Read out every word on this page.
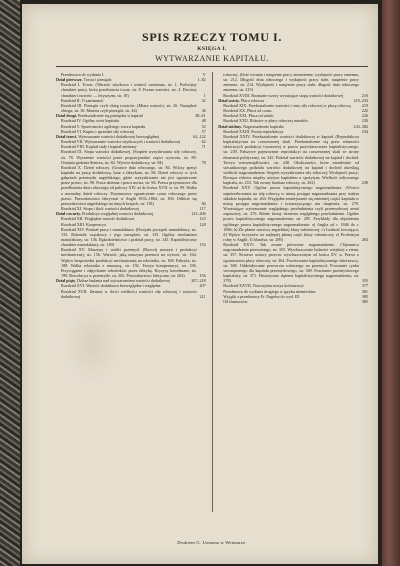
SPIS RZECZY TOMU I.
KSIĘGA I.
WYTWARZANIE KAPITAŁU.

Przedmowa do wydania I.	V

Dział pierwszy. Towar i pieniądz	1–82

Rozdział I. Towar. (Wartość użytkowa i wartość zamienna, str. 1. Podwójny charakter pracy, która przedstawia towar, str. 8. Forma wartości, str. 4. Dwoisty charakter towarów — fetyszyzm, str. 18)	1

Rozdział II. O zamianach	32

Rozdział III. Pieniądz czyli obieg towarów. (Miara wartości, str. 26. Narzędzie obiegu, str. 30. Moneta czyli pieniądz, str. 44)	36

Dział drugi. Przekształcenie się pieniądza w kapitał	48–61

Rozdział IV. Ogólny wzór kapitału	48

Rozdział V. Sprzeczności ogólnego wzoru kapitału	52

Rozdział VI. Kupno i sprzedaż siły roboczej	57

Dział trzeci. Wytwarzanie wartości dodatkowej bezwzględnej	62–122

Rozdział VII. Wytwarzanie wartości użytkowych i wartości dodatkowej	62

Rozdział VIII. Kapitał stały i kapitał zmienny	71

Rozdział IX. Stopa wartości dodatkowej. (Stopień wyzyskiwania siły roboczej, str. 78. Wyrażenie wartości przez proporcjonalne części wytworu, str. 80. Ostatnia godzina Seniora, str. 82. Wytwór dodatkowy, str. 84)	78

Rozdział X. Dzień roboczy. (Granice dnia roboczego, str. 84. Wilczy apetyt kapitału na pracę dodatkową; lutar a fabrykant, str. 86. Dzień roboczy w tych gałęziach przemysłu angielskiego, gdzie wyzyskiwanie nie jest ograniczone przez prawo, str. 90. Praca dzienna i praca nocna, str. 96. Prawa przymusowe dla przedłużenia dnia roboczego od połowy XIV. aż do końca XVII. w. str. 99. Walka o normalny dzień roboczy. Przymusowe ograniczenie czasu roboczego przez prawo. Prawodawstwo fabryczne w Anglii 1833–1864, str. 106. Odbicie się prawodawstwa angielskiego na innych krajach, str. 118)	84

Rozdział XI. Stopa i ilość wartości dodatkowej	117

Dział czwarty. Produkcya względnej wartości dodatkowej	123–206

Rozdział XII. Względna wartość dodatkowa	123

Rozdział XIII. Kooperacya	128

Rozdział XIV. Podział pracy i manufaktura. (Dwojaki początek manufaktury, str. 133. Robotnik cząstkowy i jego narzędzie, str. 135. Ogólny mechanizm manufaktury, str. 136. Rękodzielnictwo i podział pracy, str. 145. Kapitalistyczny charakter manufaktury, str. 149)	133

Rozdział XV. Maszyny i wielki przemysł. (Rozwój maszyn i produkcyi mechanicznej, str. 156. Wartość, jaką maszyna przenosi na wytwór, str. 164. Wpływ bezpośredni produkcyi mechanicznej na robotnika, str. 168. Fabryka, str. 188. Walka robotnika z maszyną, str. 192. Teorya kompensacyi, str. 196. Przyciąganie i odpychanie robotników przez fabrykę. Kryzysy bawełniane, str. 199. Rewolucya w przemyśle, str. 202. Prawodawstwo fabryczne, str. 204)	156

Dział piąty. Dalsze badania nad wytwarzaniem wartości dodatkowej	207–218

Rozdział XVI. Wartość dodatkowa bezwzględna i względna	207

Rozdział XVII. Zmiany w ilości wielkości wartości siły roboczej i wartości dodatkowej	211

roboczej. (Ilość trwania i natężenie pracy niezmienne; wydajność pracy zmienna, str. 212. Długość dnia roboczego i wydajność pracy stałe, natężenie pracy zmienne, str. 214. Wydajność i natężenie pracy stałe; długość dnia roboczego zmienna, str. 215)

Rozdział XVIII. Rozmaite wzory wyrażające stopę wartości dodatkowej	216

Dział szósty. Płaca robocza	219–233

Rozdział XIX. Przekształcenie wartości i ceny siły roboczej w płacę roboczą	219

Rozdział XX. Płaca od czasu	222

Rozdział XXI. Płaca od sztuki	226

Rozdział XXII. Różnice w płacy roboczej narodów	230

Dział siódmy. Nagromadzenie kapitału	233–382

Rozdział XXIII. Prosta reprodukcya	234

Rozdział XXIV. Przekształcenie wartości dodatkowej w kapitał. (Reprodukcya kapitalistyczna na rozszerzonej skali. Przekształcenie się praw własności właściwych produkcyi towarowej w prawa przywłaszczenia kapitalistycznego, str. 239. Fałszywe pojmowanie reprodukcyi na rozszerzonej skali ze strony ekonomii politycznej, str. 245. Podział wartości dodatkowej na kapitał i dochód. Teorya wstrzemięźliwości, str. 248. Okoliczności, które niezależnie od stosunkowego podziału wartości dodatkowej na kapitał i dochód określają wielkość nagromadzenia: Stopień wyzyskiwania siły roboczej; Wydajność pracy; Rosnąca różnica między użytym kapitałem a spożytym; Wielkość zaliczonego kapitału, str. 253. Tak zwany fundusz roboczy, str. 262)	238

Rozdział XXV. Ogólne prawa kapitalistycznego nagromadzenia. (Wzrost zapotrzebowania na siłę roboczą w miarę postępu nagromadzania przy stałym składzie kapitału, str. 264. Względne zmniejszanie się zmiennej części kapitału w miarę postępu nagromadzania i towarzyszącego mu skupienia, str. 270. Wzrastające wytwarzanie względnego przeludnienia czyli przemysłowej armii zapasowej, str. 276. Różne formy istnienia względnego przeludnienia. Ogólne prawo kapitalistycznego nagromadzenia, str. 285. Przykłady dla objaśnienia ogólnego prawa kapitalistycznego nagromadzenia: a) Anglia od r. 1846 do r. 1866; b) Źle płatne warstwy angielskiej klasy robotniczej; c) Ludność koczująca; d) Wpływ kryzysów na najlepiej płatną część klasy robotniczej; e) Proletaryat rolny w Anglii; f) Irlandya, str. 289)	264

Rozdział XXVI. Tak zwane pierwotne nagromadzenie. (Tajemnica nagromadzenia pierwotnego, str. 355. Wywłaszczenie ludności wiejskiej z ziemi, str. 357. Krwawe ustawy przeciw wywłaszczonym od końca XV. w. Prawa o ograniczeniu płacy roboczej, str. 364. Powstawanie kapitalistycznego dzierżawcy, str. 368. Oddziaływanie przewrotu rolniczego na przemysł. Powstanie rynku wewnętrznego dla kapitału przemysłowego, str. 369. Powstanie przemysłowego kapitalisty, str. 371. Historyczne dążenie kapitalistycznego nagromadzenia, str. 378)	355

Rozdział XXVII. Nowożytna teorya kolonizacyi	377

Przedmowa do wydania drugiego w języku niemieckim	381

Wyjątki z przedmowy Fr. Engelsa do wyd. III.	385

Od tłumaczów	385

Drukiem G. Uzmana w Weimarze.
